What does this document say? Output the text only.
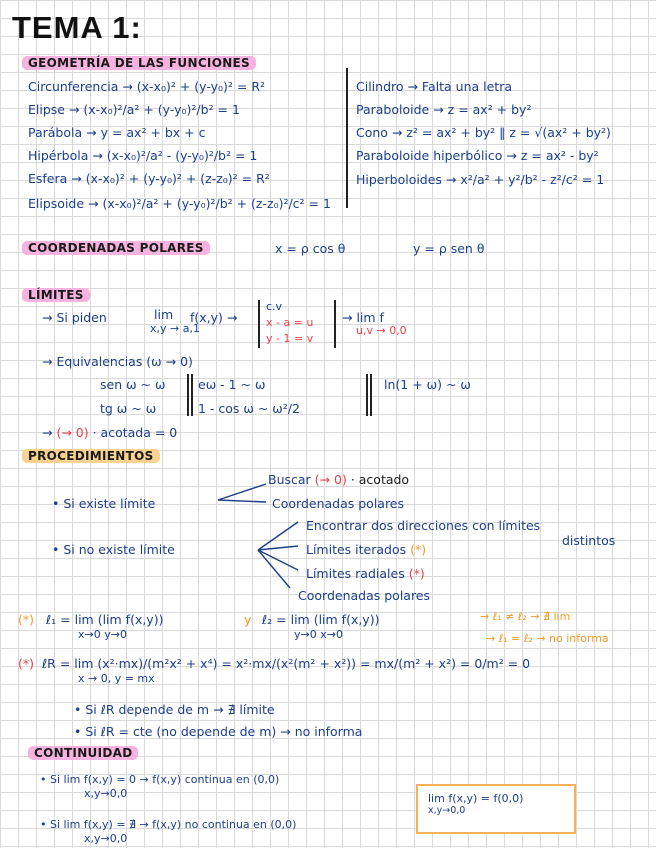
TEMA 1:
GEOMETRÍA DE LAS FUNCIONES
Circunferencia → (x-x₀)² + (y-y₀)² = R²
Elipse → (x-x₀)²/a² + (y-y₀)²/b² = 1
Parábola → y = ax² + bx + c
Hipérbola → (x-x₀)²/a² - (y-y₀)²/b² = 1
Esfera → (x-x₀)² + (y-y₀)² + (z-z₀)² = R²
Elipsoide → (x-x₀)²/a² + (y-y₀)²/b² + (z-z₀)²/c² = 1
Cilindro → Falta una letra
Paraboloide → z = ax² + by²
Cono → z² = ax² + by² ‖ z = √(ax² + by²)
Paraboloide hiperbólico → z = ax² - by²
Hiperboloides → x²/a² + y²/b² - z²/c² = 1
COORDENADAS POLARES	x = ρ cos θ	y = ρ sen θ
LÍMITES
→ Si piden	lim
x,y → a,1
f(x,y) →
c.v
x - a = u
y - 1 = v
→ lim f
u,v → 0,0
→ Equivalencias (ω → 0)
sen ω ~ ω
tg ω ~ ω
eω - 1 ~ ω
1 - cos ω ~ ω²/2
ln(1 + ω) ~ ω
→ (→ 0) · acotada = 0
PROCEDIMIENTOS
• Si existe límite
Buscar (→ 0) · acotado
Coordenadas polares
• Si no existe límite
Encontrar dos direcciones con límites
distintos
Límites iterados (*)
Límites radiales (*)
Coordenadas polares
(*) ℓ₁ = lim (lim f(x,y))
x→0 y→0
y ℓ₂ = lim (lim f(x,y))
y→0 x→0
→ ℓ₁ ≠ ℓ₂ → ∄ lim
→ ℓ₁ = ℓ₂ → no informa
(*) ℓR = lim (x²·mx)/(m²x² + x⁴) = x²·mx/(x²(m² + x²)) = mx/(m² + x²) = 0/m² = 0
x → 0, y = mx
• Si ℓR depende de m → ∄ límite
• Si ℓR = cte (no depende de m) → no informa
CONTINUIDAD
• Si lim f(x,y) = 0 → f(x,y) continua en (0,0)
x,y→0,0
• Si lim f(x,y) = ∄ → f(x,y) no continua en (0,0)
x,y→0,0
lim f(x,y) = f(0,0)
x,y→0,0
